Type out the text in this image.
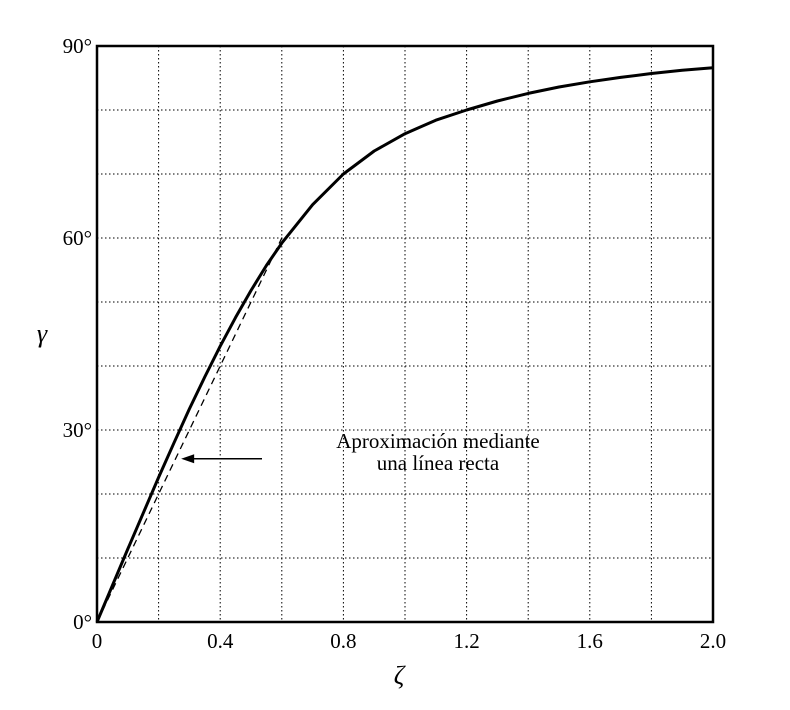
0	0.4	0.8	1.2	1.6	2.0
0°
30°
60°
90°
ζ
γ
Aproximación mediante
una línea recta
